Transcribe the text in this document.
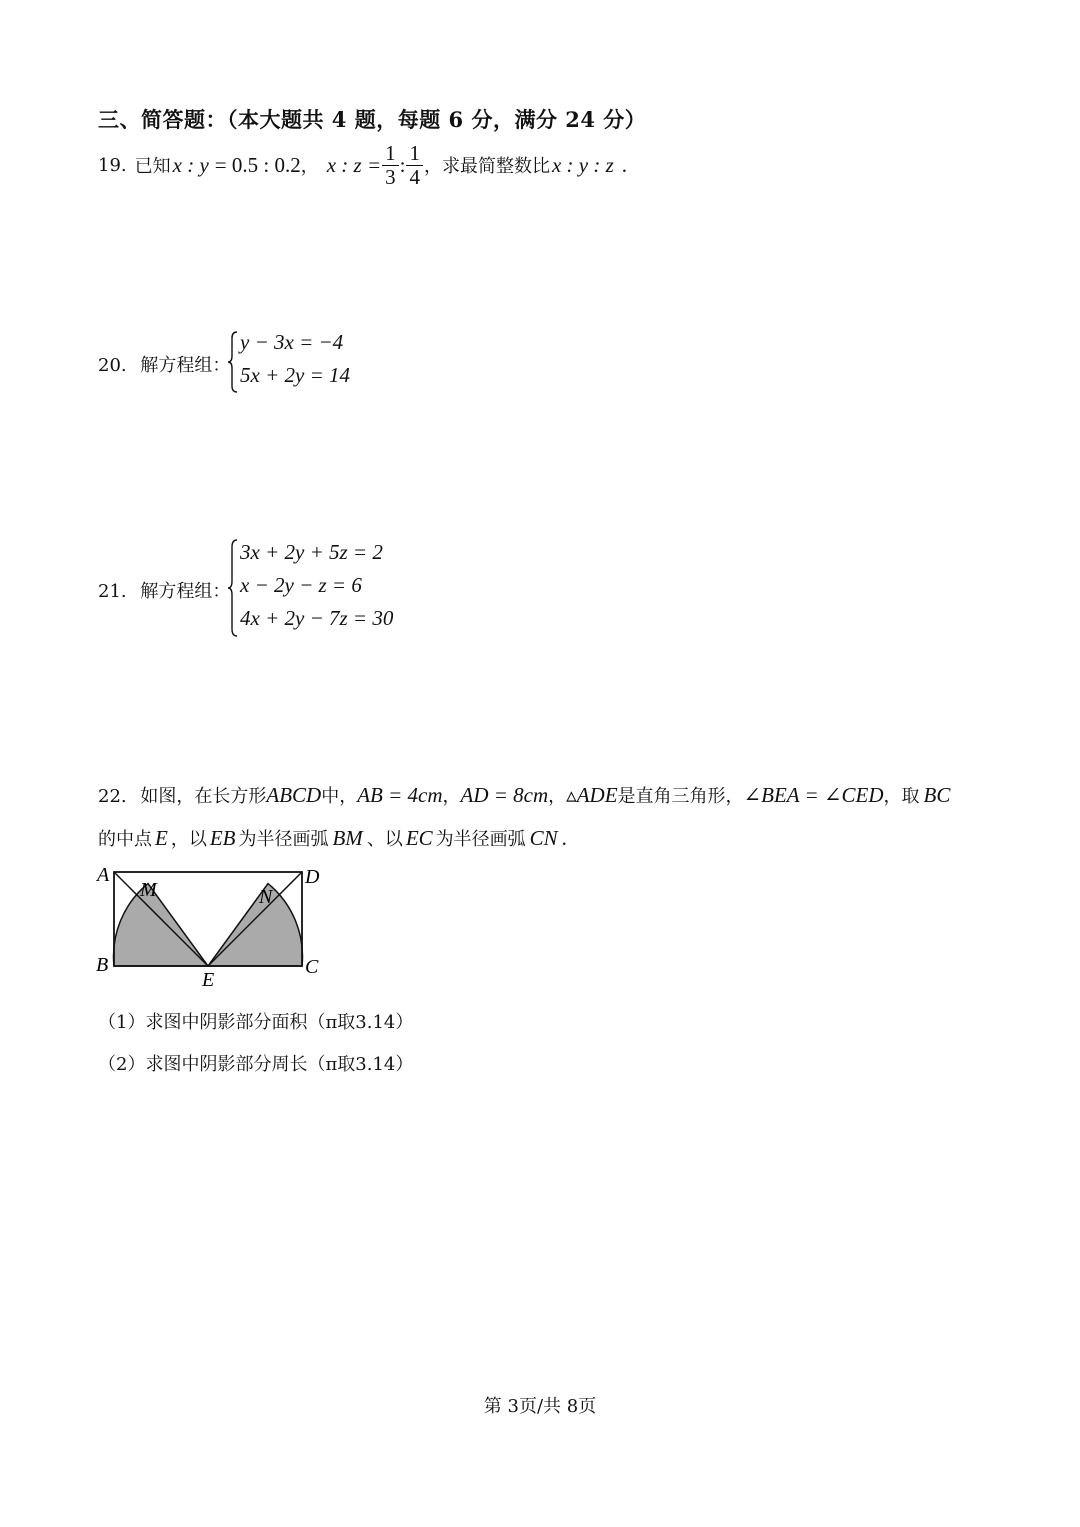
三、简答题：（本大题共 4 题，每题 6 分，满分 24 分）
19. 已知 x : y = 0.5 : 0.2 ， x : $z = \frac{1}{3}$ : $\frac{1}{4}$ ，求最简整数比 x : y : z .
20. 解方程组：
y − 3x = −4
5x + 2y = 14
21. 解方程组：
3x + 2y + 5z = 2
x − 2y − z = 6
4x + 2y − 7z = 30
22. 如图，在长方形ABCD中，AB = 4cm，AD = 8cm，▵ADE是直角三角形，∠BEA = ∠CED，取 BC
的中点 E ，以 EB 为半径画弧 BM 、以 EC 为半径画弧 CN .
A	D
M	N
B	C
E
（1）求图中阴影部分面积（π取3.14）
（2）求图中阴影部分周长（π取3.14）
第 3页/共 8页
